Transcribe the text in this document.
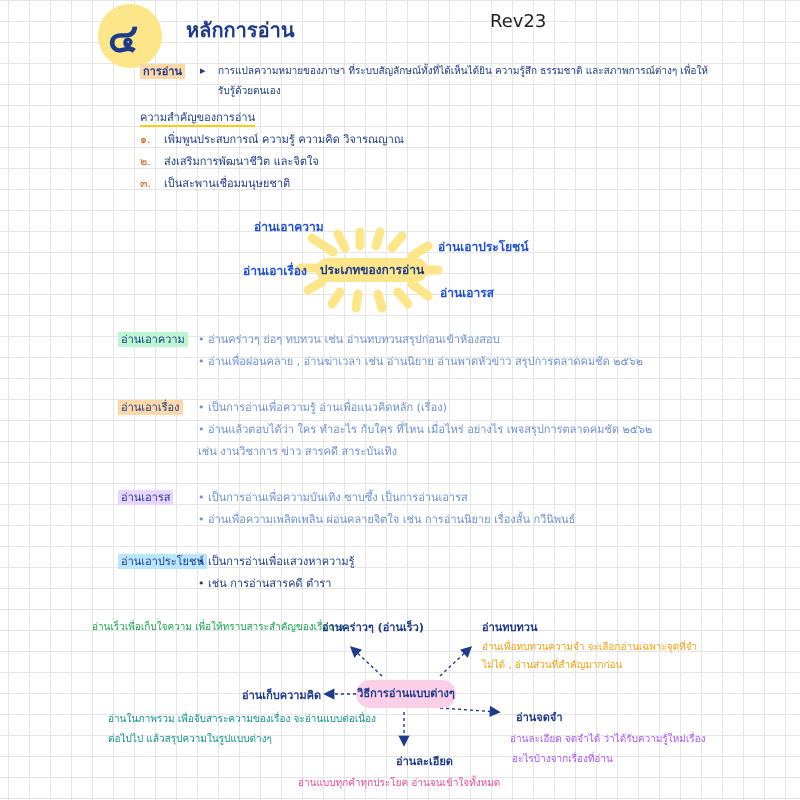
๔ หลักการอ่าน	Rev23
การอ่าน ▸ การแปลความหมายของภาษา ที่ระบบสัญลักษณ์ทั้งที่ได้เห็นได้ยิน ความรู้สึก ธรรมชาติ และสภาพการณ์ต่างๆ เพื่อให้
รับรู้ด้วยตนเอง
ความสำคัญของการอ่าน
๑. เพิ่มพูนประสบการณ์ ความรู้ ความคิด วิจารณญาณ
๒. ส่งเสริมการพัฒนาชีวิต และจิตใจ
๓. เป็นสะพานเชื่อมมนุษยชาติ
ประเภทของการอ่าน
อ่านเอาความ
อ่านเอาเรื่อง
อ่านเอาประโยชน์
อ่านเอารส
อ่านเอาความ • อ่านคร่าวๆ ย่อๆ ทบทวน เช่น อ่านทบทวนสรุปก่อนเข้าห้องสอบ
• อ่านเพื่อผ่อนคลาย , อ่านฆ่าเวลา เช่น อ่านนิยาย อ่านพาดหัวข่าว สรุปการตลาดคมชัด ๒๕๖๒
อ่านเอาเรื่อง • เป็นการอ่านเพื่อความรู้ อ่านเพื่อแนวคิดหลัก (เรื่อง)
• อ่านแล้วตอบได้ว่า ใคร ทำอะไร กับใคร ที่ไหน เมื่อไหร่ อย่างไร เพจสรุปการตลาดคมชัด ๒๕๖๒
เช่น งานวิชาการ ข่าว สารคดี สาระบันเทิง
อ่านเอารส	• เป็นการอ่านเพื่อความบันเทิง ซาบซึ้ง เป็นการอ่านเอารส
• อ่านเพื่อความเพลิดเพลิน ผ่อนคลายจิตใจ เช่น การอ่านนิยาย เรื่องสั้น กวีนิพนธ์
อ่านเอาประโยชน์
• เป็นการอ่านเพื่อแสวงหาความรู้
• เช่น การอ่านสารคดี ตำรา
วิธีการอ่านแบบต่างๆ
อ่านเร็วเพื่อเก็บใจความ เพื่อให้ทราบสาระสำคัญของเรื่อง ➔
อ่านคร่าวๆ (อ่านเร็ว)	อ่านทบทวน
อ่านเพื่อทบทวนความจำ จะเลือกอ่านเฉพาะจุดที่จำ
ไม่ได้ , อ่านส่วนที่สำคัญมากก่อน
อ่านเก็บความคิด
อ่านในภาพรวม เพื่อจับสาระความของเรื่อง จะอ่านแบบต่อเนื่อง
ต่อไปไป แล้วสรุปความในรูปแบบต่างๆ
อ่านจดจำ
อ่านละเอียด จดจำได้ ว่าได้รับความรู้ใหม่เรื่อง
อะไรบ้างจากเรื่องที่อ่าน
อ่านละเอียด
อ่านแบบทุกคำทุกประโยค อ่านจนเข้าใจทั้งหมด
